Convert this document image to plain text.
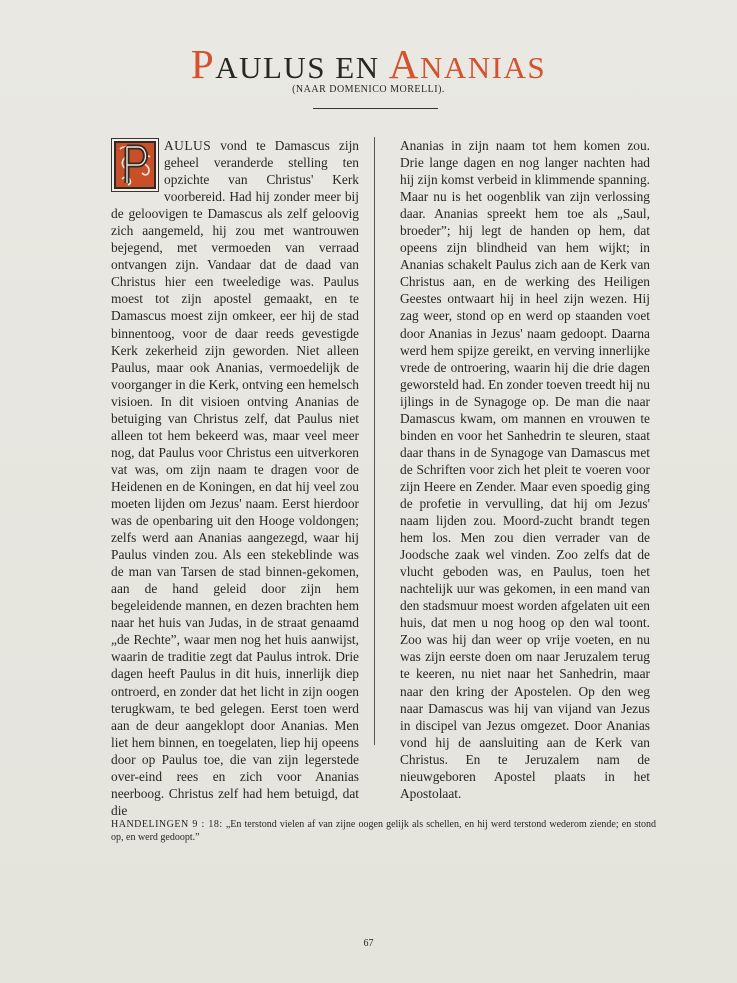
PAULUS EN ANANIAS
(NAAR DOMENICO MORELLI).

AULUS vond te Damascus zijn geheel veranderde stelling ten opzichte van Christus' Kerk voorbereid. Had hij zonder meer bij de geloovigen te Damascus als zelf geloovig zich aangemeld, hij zou met wantrouwen bejegend, met vermoeden van verraad ontvangen zijn. Vandaar dat de daad van Christus hier een tweeledige was. Paulus moest tot zijn apostel gemaakt, en te Damascus moest zijn omkeer, eer hij de stad binnentoog, voor de daar reeds gevestigde Kerk zekerheid zijn geworden. Niet alleen Paulus, maar ook Ananias, vermoedelijk de voorganger in die Kerk, ontving een hemelsch visioen. In dit visioen ontving Ananias de betuiging van Christus zelf, dat Paulus niet alleen tot hem bekeerd was, maar veel meer nog, dat Paulus voor Christus een uitverkoren vat was, om zijn naam te dragen voor de Heidenen en de Koningen, en dat hij veel zou moeten lijden om Jezus' naam. Eerst hierdoor was de openbaring uit den Hooge voldongen; zelfs werd aan Ananias aangezegd, waar hij Paulus vinden zou. Als een stekeblinde was de man van Tarsen de stad binnen-gekomen, aan de hand geleid door zijn hem begeleidende mannen, en dezen brachten hem naar het huis van Judas, in de straat genaamd „de Rechte”, waar men nog het huis aanwijst, waarin de traditie zegt dat Paulus introk. Drie dagen heeft Paulus in dit huis, innerlijk diep ontroerd, en zonder dat het licht in zijn oogen terugkwam, te bed gelegen. Eerst toen werd aan de deur aangeklopt door Ananias. Men liet hem binnen, en toegelaten, liep hij opeens door op Paulus toe, die van zijn legerstede over-eind rees en zich voor Ananias neerboog. Christus zelf had hem betuigd, dat die

Ananias in zijn naam tot hem komen zou. Drie lange dagen en nog langer nachten had hij zijn komst verbeid in klimmende spanning. Maar nu is het oogenblik van zijn verlossing daar. Ananias spreekt hem toe als „Saul, broeder”; hij legt de handen op hem, dat opeens zijn blindheid van hem wijkt; in Ananias schakelt Paulus zich aan de Kerk van Christus aan, en de werking des Heiligen Geestes ontwaart hij in heel zijn wezen. Hij zag weer, stond op en werd op staanden voet door Ananias in Jezus' naam gedoopt. Daarna werd hem spijze gereikt, en verving innerlijke vrede de ontroering, waarin hij die drie dagen geworsteld had. En zonder toeven treedt hij nu ijlings in de Synagoge op. De man die naar Damascus kwam, om mannen en vrouwen te binden en voor het Sanhedrin te sleuren, staat daar thans in de Synagoge van Damascus met de Schriften voor zich het pleit te voeren voor zijn Heere en Zender. Maar even spoedig ging de profetie in vervulling, dat hij om Jezus' naam lijden zou. Moord-zucht brandt tegen hem los. Men zou dien verrader van de Joodsche zaak wel vinden. Zoo zelfs dat de vlucht geboden was, en Paulus, toen het nachtelijk uur was gekomen, in een mand van den stadsmuur moest worden afgelaten uit een huis, dat men u nog hoog op den wal toont. Zoo was hij dan weer op vrije voeten, en nu was zijn eerste doen om naar Jeruzalem terug te keeren, nu niet naar het Sanhedrin, maar naar den kring der Apostelen. Op den weg naar Damascus was hij van vijand van Jezus in discipel van Jezus omgezet. Door Ananias vond hij de aansluiting aan de Kerk van Christus. En te Jeruzalem nam de nieuwgeboren Apostel plaats in het Apostolaat.

HANDELINGEN 9 : 18: „En terstond vielen af van zijne oogen gelijk als schellen, en hij werd terstond wederom ziende; en stond op, en werd gedoopt.”
67
